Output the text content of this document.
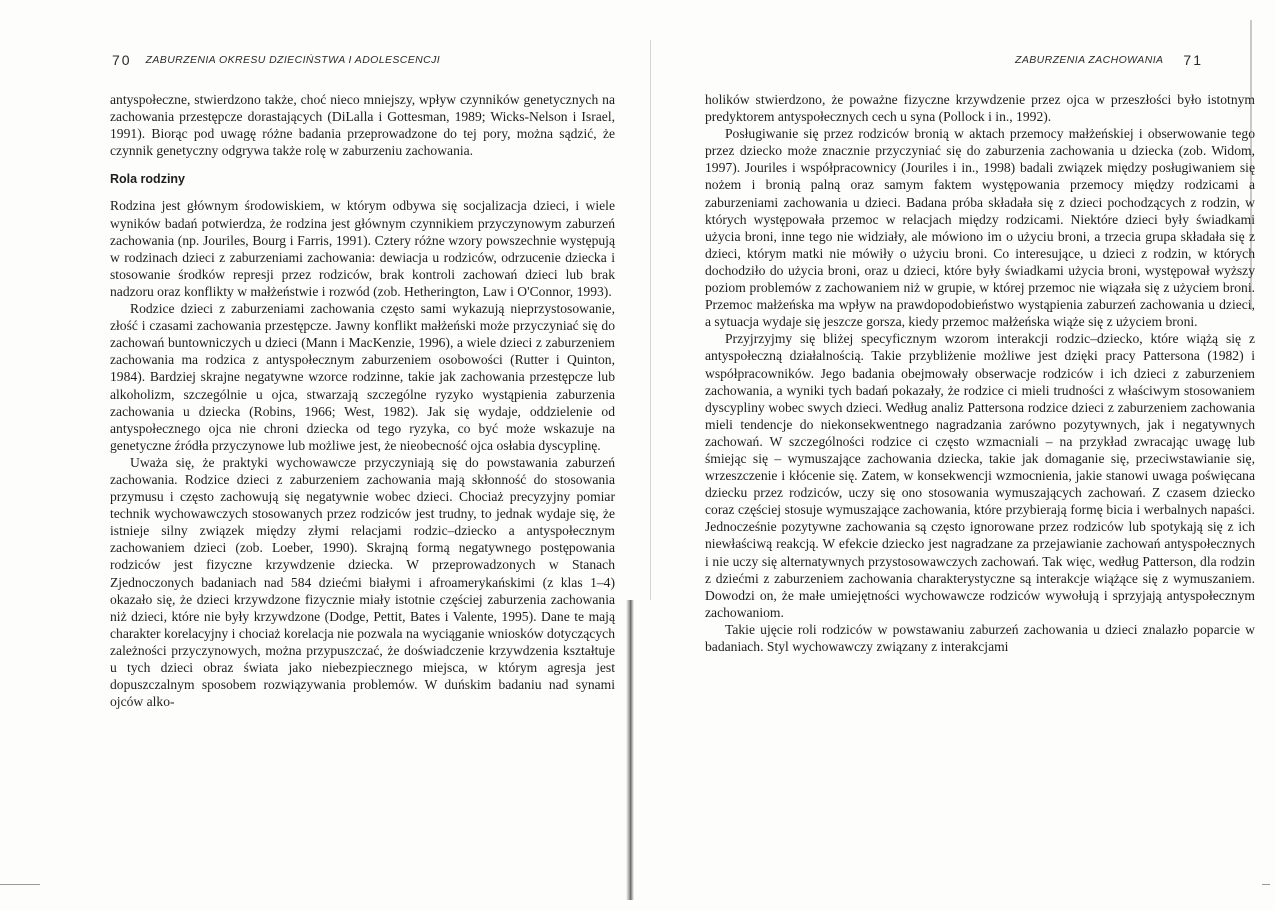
70 ZABURZENIA OKRESU DZIECIŃSTWA I ADOLESCENCJI

antyspołeczne, stwierdzono także, choć nieco mniejszy, wpływ czynników genetycznych na zachowania przestępcze dorastających (DiLalla i Gottesman, 1989; Wicks-Nelson i Israel, 1991). Biorąc pod uwagę różne badania przeprowadzone do tej pory, można sądzić, że czynnik genetyczny odgrywa także rolę w zaburzeniu zachowania.

Rola rodziny

Rodzina jest głównym środowiskiem, w którym odbywa się socjalizacja dzieci, i wiele wyników badań potwierdza, że rodzina jest głównym czynnikiem przyczynowym zaburzeń zachowania (np. Jouriles, Bourg i Farris, 1991). Cztery różne wzory powszechnie występują w rodzinach dzieci z zaburzeniami zachowania: dewiacja u rodziców, odrzucenie dziecka i stosowanie środków represji przez rodziców, brak kontroli zachowań dzieci lub brak nadzoru oraz konflikty w małżeństwie i rozwód (zob. Hetherington, Law i O'Connor, 1993).

Rodzice dzieci z zaburzeniami zachowania często sami wykazują nieprzystosowanie, złość i czasami zachowania przestępcze. Jawny konflikt małżeński może przyczyniać się do zachowań buntowniczych u dzieci (Mann i MacKenzie, 1996), a wiele dzieci z zaburzeniem zachowania ma rodzica z antyspołecznym zaburzeniem osobowości (Rutter i Quinton, 1984). Bardziej skrajne negatywne wzorce rodzinne, takie jak zachowania przestępcze lub alkoholizm, szczególnie u ojca, stwarzają szczególne ryzyko wystąpienia zaburzenia zachowania u dziecka (Robins, 1966; West, 1982). Jak się wydaje, oddzielenie od antyspołecznego ojca nie chroni dziecka od tego ryzyka, co być może wskazuje na genetyczne źródła przyczynowe lub możliwe jest, że nieobecność ojca osłabia dyscyplinę.

Uważa się, że praktyki wychowawcze przyczyniają się do powstawania zaburzeń zachowania. Rodzice dzieci z zaburzeniem zachowania mają skłonność do stosowania przymusu i często zachowują się negatywnie wobec dzieci. Chociaż precyzyjny pomiar technik wychowawczych stosowanych przez rodziców jest trudny, to jednak wydaje się, że istnieje silny związek między złymi relacjami rodzic–dziecko a antyspołecznym zachowaniem dzieci (zob. Loeber, 1990). Skrajną formą negatywnego postępowania rodziców jest fizyczne krzywdzenie dziecka. W przeprowadzonych w Stanach Zjednoczonych badaniach nad 584 dziećmi białymi i afroamerykańskimi (z klas 1–4) okazało się, że dzieci krzywdzone fizycznie miały istotnie częściej zaburzenia zachowania niż dzieci, które nie były krzywdzone (Dodge, Pettit, Bates i Valente, 1995). Dane te mają charakter korelacyjny i chociaż korelacja nie pozwala na wyciąganie wniosków dotyczących zależności przyczynowych, można przypuszczać, że doświadczenie krzywdzenia kształtuje u tych dzieci obraz świata jako niebezpiecznego miejsca, w którym agresja jest dopuszczalnym sposobem rozwiązywania problemów. W duńskim badaniu nad synami ojców alko-

ZABURZENIA ZACHOWANIA 71

holików stwierdzono, że poważne fizyczne krzywdzenie przez ojca w przeszłości było istotnym predyktorem antyspołecznych cech u syna (Pollock i in., 1992).

Posługiwanie się przez rodziców bronią w aktach przemocy małżeńskiej i obserwowanie tego przez dziecko może znacznie przyczyniać się do zaburzenia zachowania u dziecka (zob. Widom, 1997). Jouriles i współpracownicy (Jouriles i in., 1998) badali związek między posługiwaniem się nożem i bronią palną oraz samym faktem występowania przemocy między rodzicami a zaburzeniami zachowania u dzieci. Badana próba składała się z dzieci pochodzących z rodzin, w których występowała przemoc w relacjach między rodzicami. Niektóre dzieci były świadkami użycia broni, inne tego nie widziały, ale mówiono im o użyciu broni, a trzecia grupa składała się z dzieci, którym matki nie mówiły o użyciu broni. Co interesujące, u dzieci z rodzin, w których dochodziło do użycia broni, oraz u dzieci, które były świadkami użycia broni, występował wyższy poziom problemów z zachowaniem niż w grupie, w której przemoc nie wiązała się z użyciem broni. Przemoc małżeńska ma wpływ na prawdopodobieństwo wystąpienia zaburzeń zachowania u dzieci, a sytuacja wydaje się jeszcze gorsza, kiedy przemoc małżeńska wiąże się z użyciem broni.

Przyjrzyjmy się bliżej specyficznym wzorom interakcji rodzic–dziecko, które wiążą się z antyspołeczną działalnością. Takie przybliżenie możliwe jest dzięki pracy Pattersona (1982) i współpracowników. Jego badania obejmowały obserwacje rodziców i ich dzieci z zaburzeniem zachowania, a wyniki tych badań pokazały, że rodzice ci mieli trudności z właściwym stosowaniem dyscypliny wobec swych dzieci. Według analiz Pattersona rodzice dzieci z zaburzeniem zachowania mieli tendencje do niekonsekwentnego nagradzania zarówno pozytywnych, jak i negatywnych zachowań. W szczególności rodzice ci często wzmacniali – na przykład zwracając uwagę lub śmiejąc się – wymuszające zachowania dziecka, takie jak domaganie się, przeciwstawianie się, wrzeszczenie i kłócenie się. Zatem, w konsekwencji wzmocnienia, jakie stanowi uwaga poświęcana dziecku przez rodziców, uczy się ono stosowania wymuszających zachowań. Z czasem dziecko coraz częściej stosuje wymuszające zachowania, które przybierają formę bicia i werbalnych napaści. Jednocześnie pozytywne zachowania są często ignorowane przez rodziców lub spotykają się z ich niewłaściwą reakcją. W efekcie dziecko jest nagradzane za przejawianie zachowań antyspołecznych i nie uczy się alternatywnych przystosowawczych zachowań. Tak więc, według Patterson, dla rodzin z dziećmi z zaburzeniem zachowania charakterystyczne są interakcje wiążące się z wymuszaniem. Dowodzi on, że małe umiejętności wychowawcze rodziców wywołują i sprzyjają antyspołecznym zachowaniom.

Takie ujęcie roli rodziców w powstawaniu zaburzeń zachowania u dzieci znalazło poparcie w badaniach. Styl wychowawczy związany z interakcjami
